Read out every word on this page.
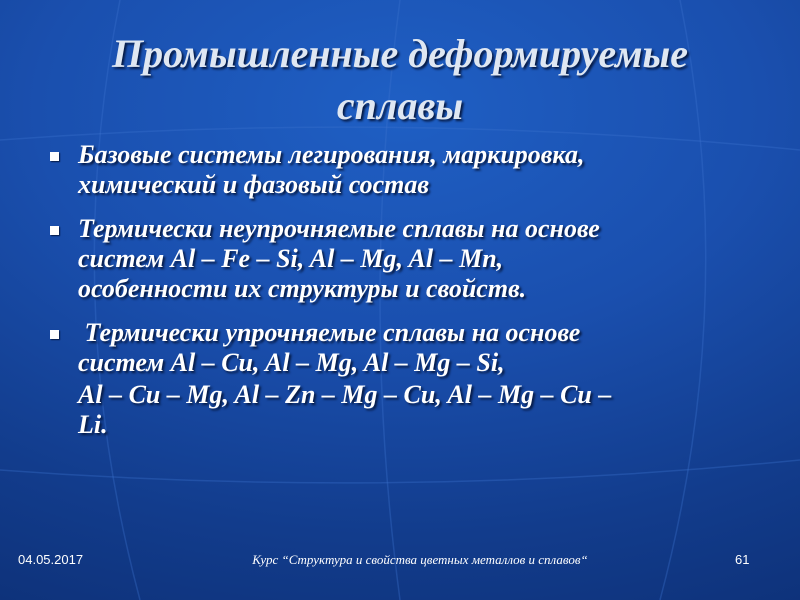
Промышленные деформируемые
сплавы
Базовые системы легирования, маркировка,
химический и фазовый состав
Термически неупрочняемые сплавы на основе
систем Al – Fe – Si, Al – Mg, Al – Mn,
особенности их структуры и свойств.
Термически упрочняемые сплавы на основе
систем Al – Cu, Al – Mg, Al – Mg – Si,
Al – Cu – Mg, Al – Zn – Mg – Cu, Al – Mg – Cu –
Li.
04.05.2017	Курс “Структура и свойства цветных металлов и сплавов“	61
